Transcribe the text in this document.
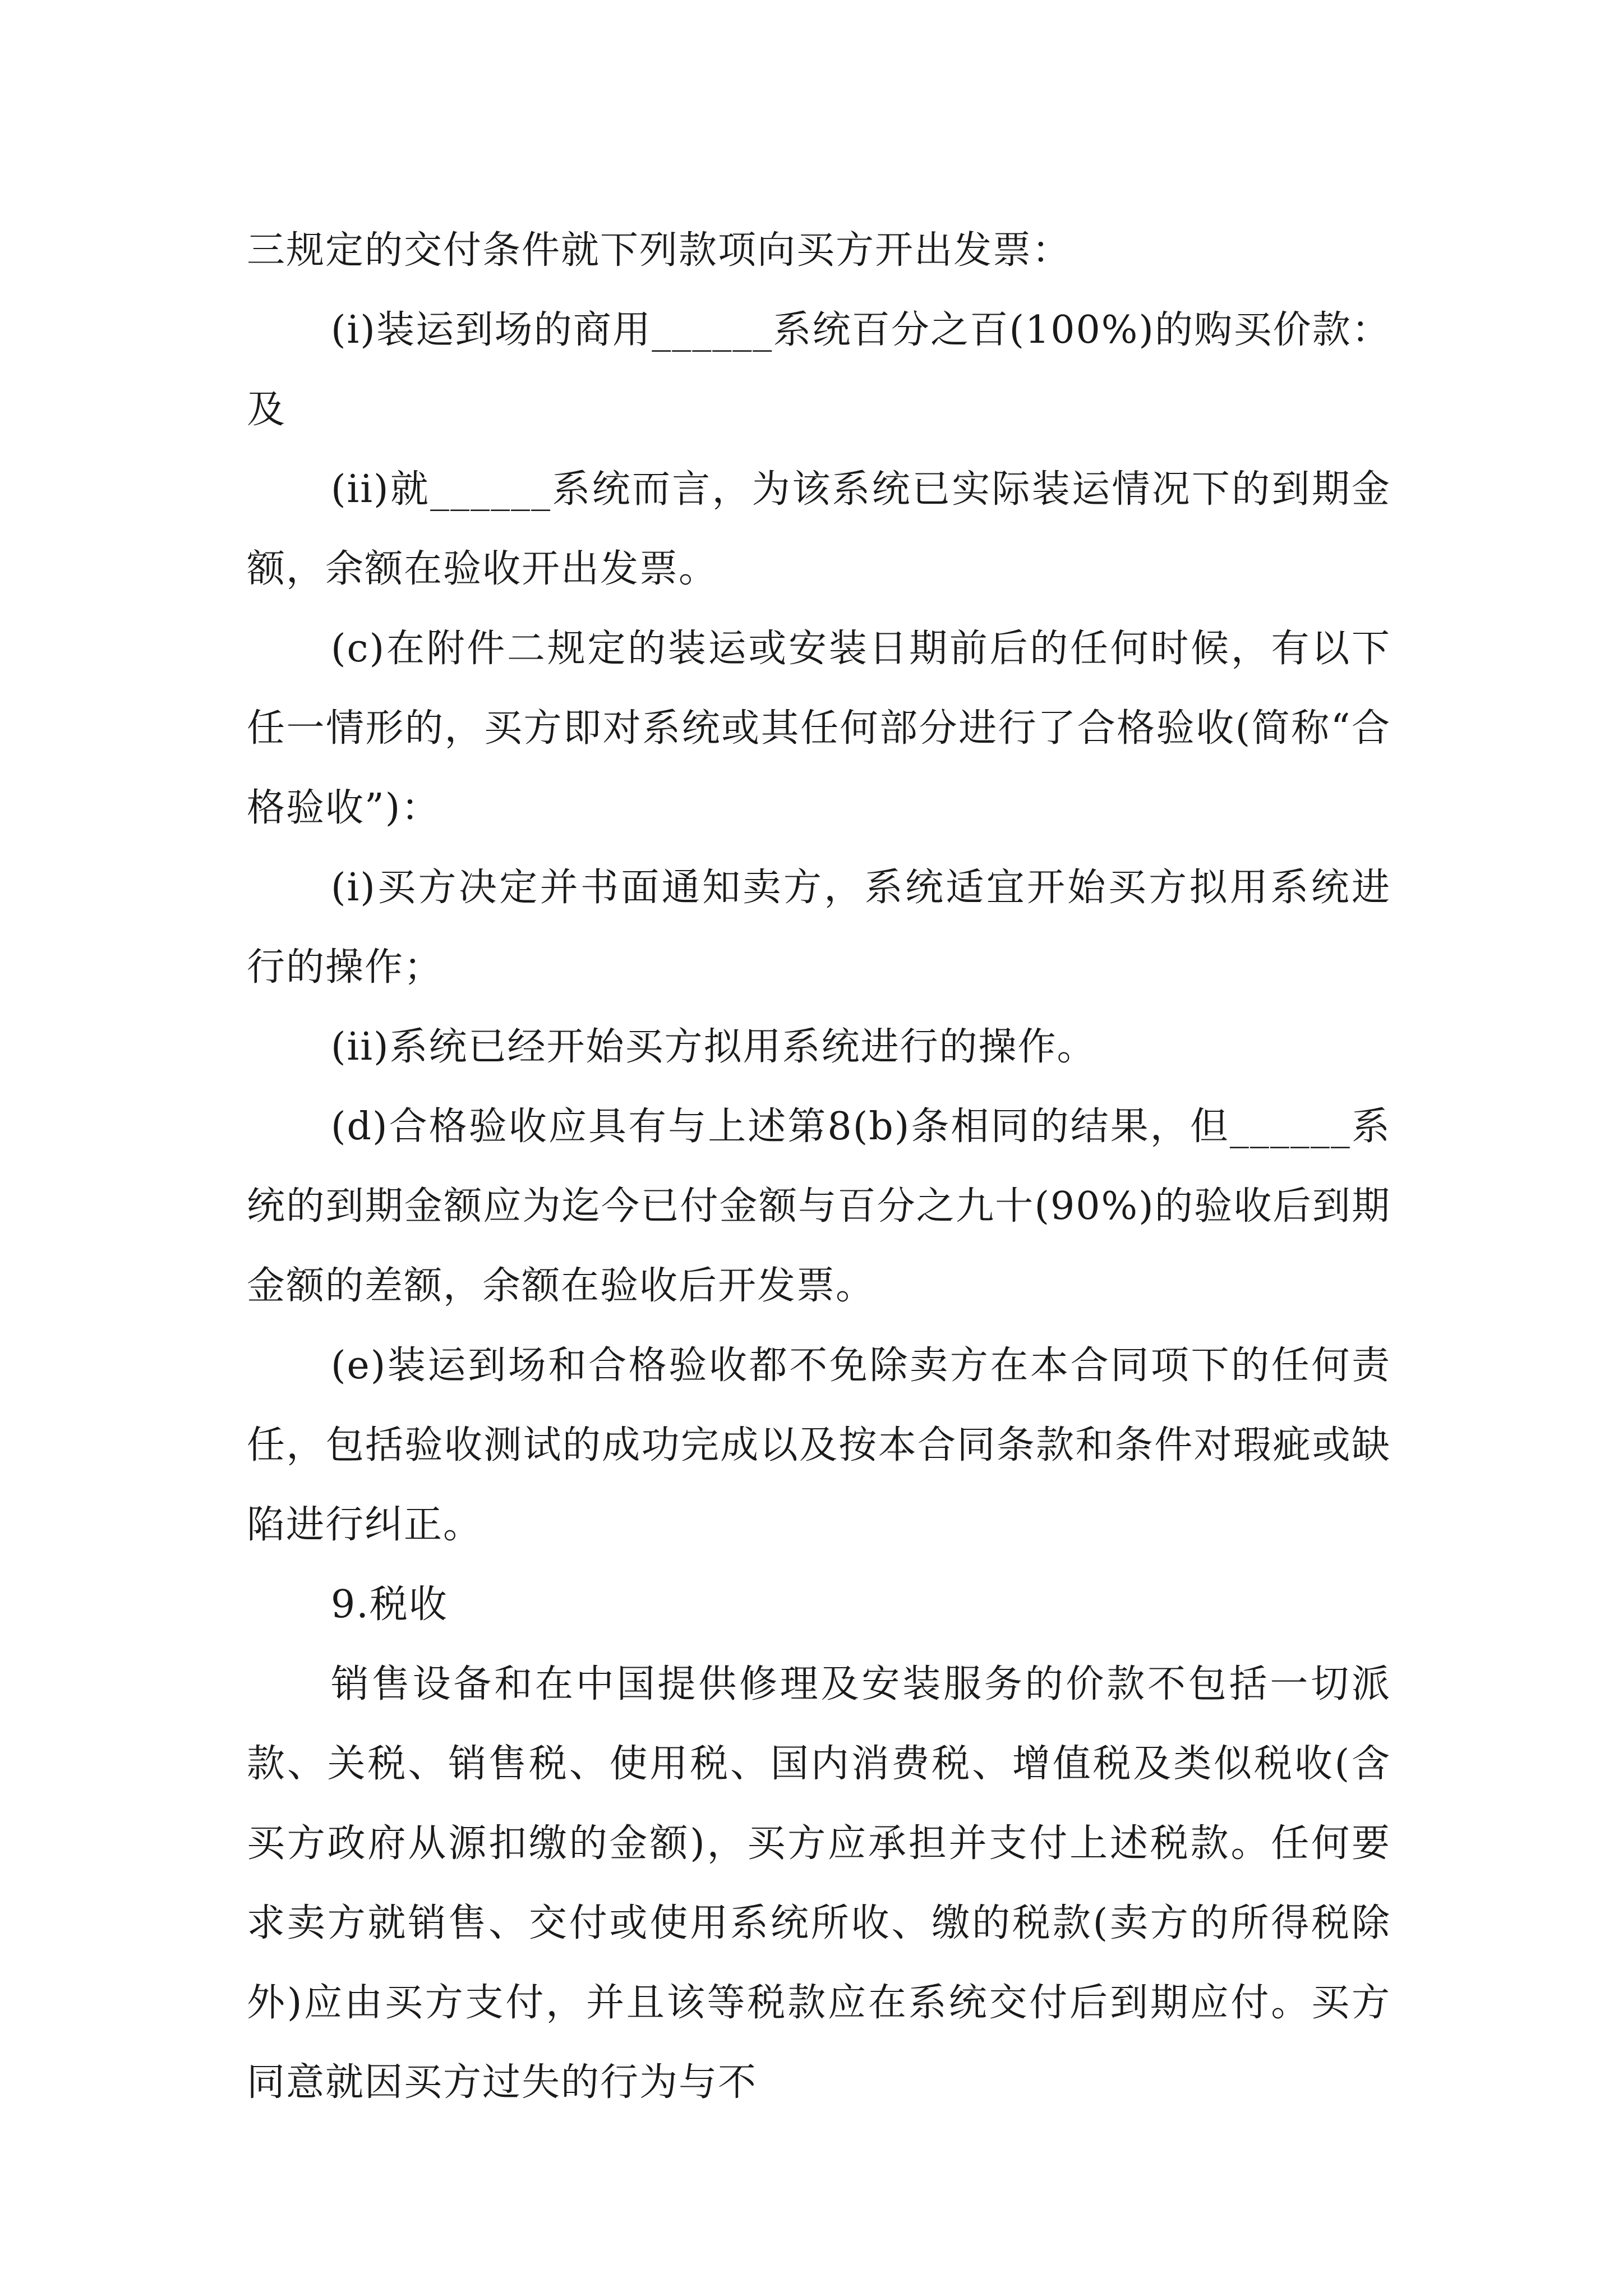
三规定的交付条件就下列款项向买方开出发票：

(i)装运到场的商用______系统百分之百(100%)的购买价款：及

(ii)就______系统而言，为该系统已实际装运情况下的到期金额，余额在验收开出发票。

(c)在附件二规定的装运或安装日期前后的任何时候，有以下任一情形的，买方即对系统或其任何部分进行了合格验收(简称“合格验收”)：

(i)买方决定并书面通知卖方，系统适宜开始买方拟用系统进行的操作；

(ii)系统已经开始买方拟用系统进行的操作。

(d)合格验收应具有与上述第8(b)条相同的结果，但______系统的到期金额应为迄今已付金额与百分之九十(90%)的验收后到期金额的差额，余额在验收后开发票。

(e)装运到场和合格验收都不免除卖方在本合同项下的任何责任，包括验收测试的成功完成以及按本合同条款和条件对瑕疵或缺陷进行纠正。

9.税收

销售设备和在中国提供修理及安装服务的价款不包括一切派款、关税、销售税、使用税、国内消费税、增值税及类似税收(含买方政府从源扣缴的金额)，买方应承担并支付上述税款。任何要求卖方就销售、交付或使用系统所收、缴的税款(卖方的所得税除外)应由买方支付，并且该等税款应在系统交付后到期应付。买方同意就因买方过失的行为与不
